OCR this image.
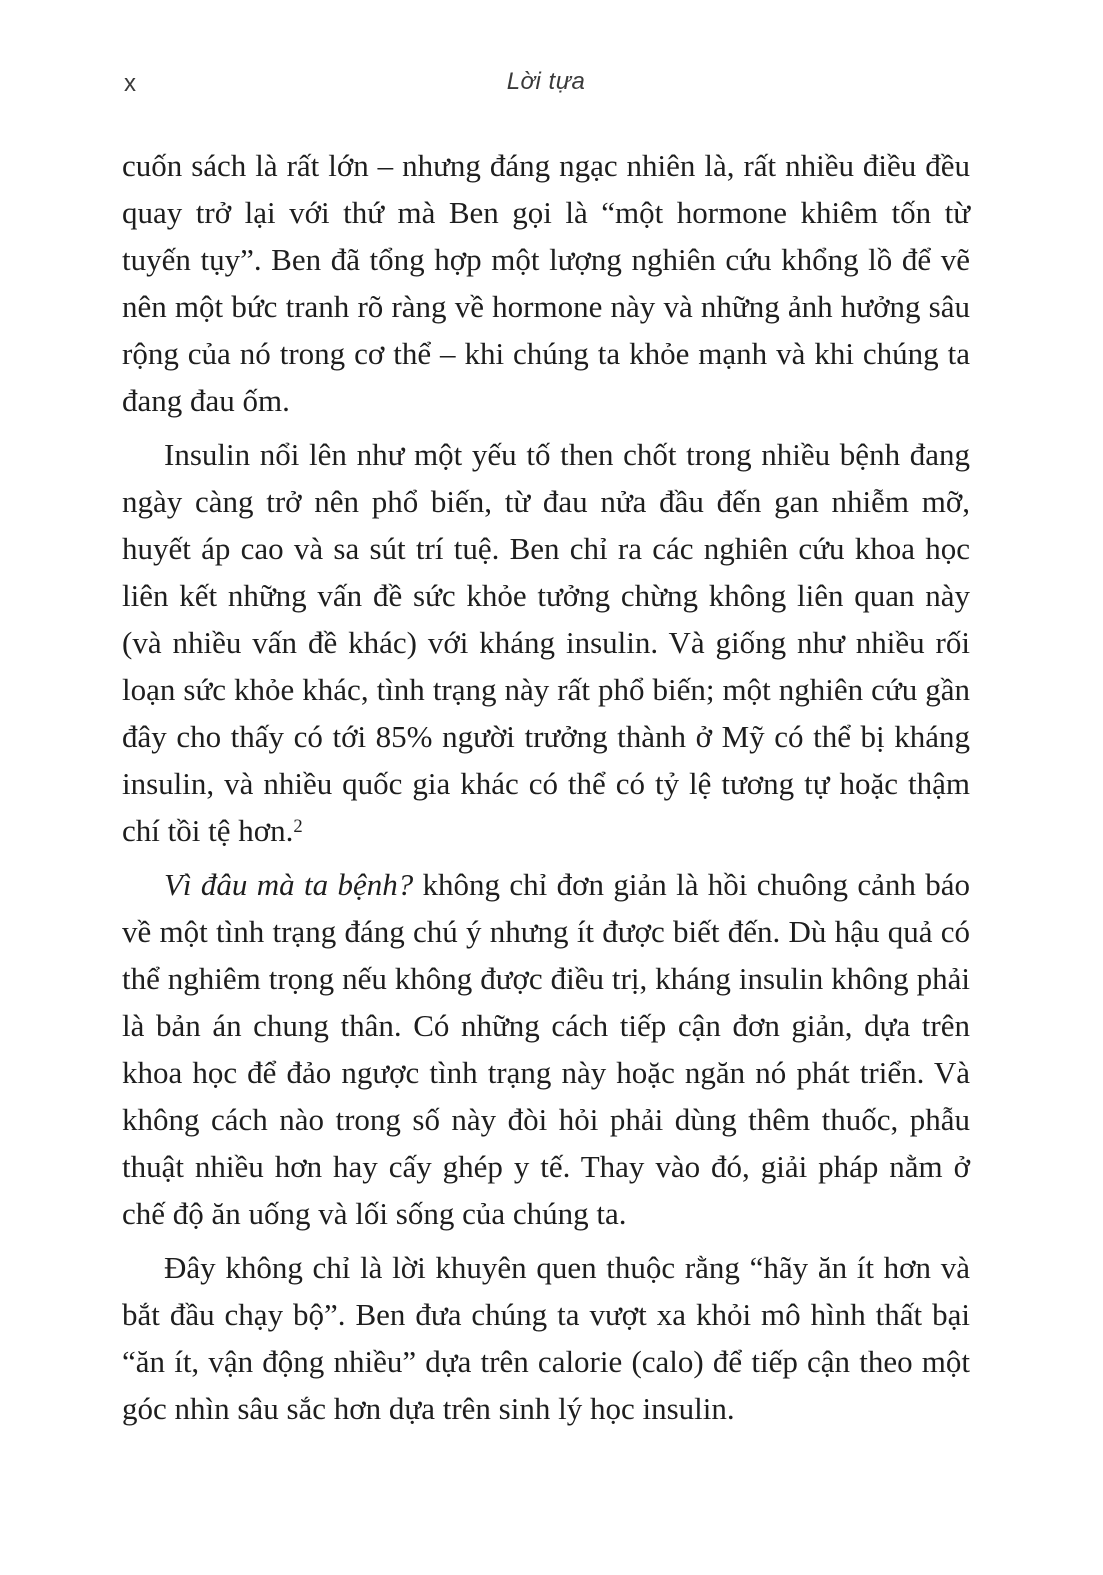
x	Lời tựa

cuốn sách là rất lớn – nhưng đáng ngạc nhiên là, rất nhiều điều đều quay trở lại với thứ mà Ben gọi là “một hormone khiêm tốn từ tuyến tụy”. Ben đã tổng hợp một lượng nghiên cứu khổng lồ để vẽ nên một bức tranh rõ ràng về hormone này và những ảnh hưởng sâu rộng của nó trong cơ thể – khi chúng ta khỏe mạnh và khi chúng ta đang đau ốm.

Insulin nổi lên như một yếu tố then chốt trong nhiều bệnh đang ngày càng trở nên phổ biến, từ đau nửa đầu đến gan nhiễm mỡ, huyết áp cao và sa sút trí tuệ. Ben chỉ ra các nghiên cứu khoa học liên kết những vấn đề sức khỏe tưởng chừng không liên quan này (và nhiều vấn đề khác) với kháng insulin. Và giống như nhiều rối loạn sức khỏe khác, tình trạng này rất phổ biến; một nghiên cứu gần đây cho thấy có tới 85% người trưởng thành ở Mỹ có thể bị kháng insulin, và nhiều quốc gia khác có thể có tỷ lệ tương tự hoặc thậm chí tồi tệ hơn.$^2$

Vì đâu mà ta bệnh? không chỉ đơn giản là hồi chuông cảnh báo về một tình trạng đáng chú ý nhưng ít được biết đến. Dù hậu quả có thể nghiêm trọng nếu không được điều trị, kháng insulin không phải là bản án chung thân. Có những cách tiếp cận đơn giản, dựa trên khoa học để đảo ngược tình trạng này hoặc ngăn nó phát triển. Và không cách nào trong số này đòi hỏi phải dùng thêm thuốc, phẫu thuật nhiều hơn hay cấy ghép y tế. Thay vào đó, giải pháp nằm ở chế độ ăn uống và lối sống của chúng ta.

Đây không chỉ là lời khuyên quen thuộc rằng “hãy ăn ít hơn và bắt đầu chạy bộ”. Ben đưa chúng ta vượt xa khỏi mô hình thất bại “ăn ít, vận động nhiều” dựa trên calorie (calo) để tiếp cận theo một góc nhìn sâu sắc hơn dựa trên sinh lý học insulin.
